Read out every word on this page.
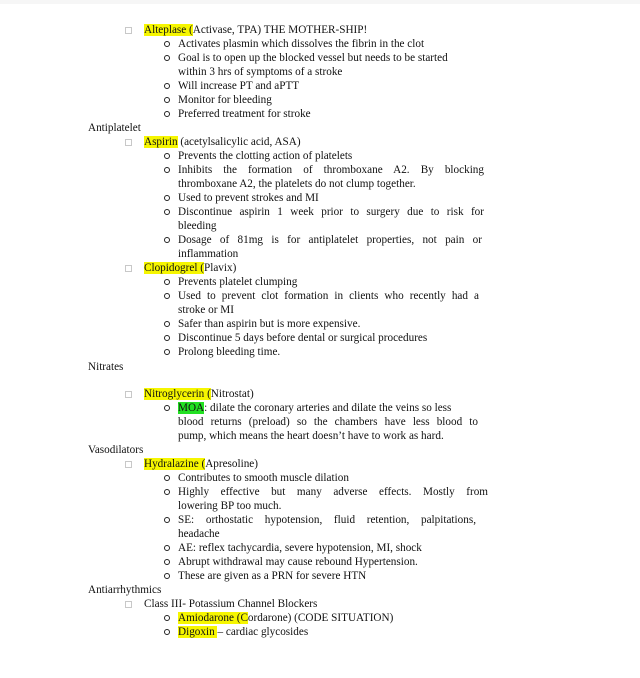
Alteplase (Activase, TPA) THE MOTHER-SHIP!
Activates plasmin which dissolves the fibrin in the clot
Goal is to open up the blocked vessel but needs to be started
within 3 hrs of symptoms of a stroke
Will increase PT and aPTT
Monitor for bleeding
Preferred treatment for stroke
Antiplatelet
Aspirin (acetylsalicylic acid, ASA)
Prevents the clotting action of platelets
Inhibits the formation of thromboxane A2. By blocking
thromboxane A2, the platelets do not clump together.
Used to prevent strokes and MI
Discontinue aspirin 1 week prior to surgery due to risk for
bleeding
Dosage of 81mg is for antiplatelet properties, not pain or
inflammation
Clopidogrel (Plavix)
Prevents platelet clumping
Used to prevent clot formation in clients who recently had a
stroke or MI
Safer than aspirin but is more expensive.
Discontinue 5 days before dental or surgical procedures
Prolong bleeding time.
Nitrates
Nitroglycerin (Nitrostat)
MOA: dilate the coronary arteries and dilate the veins so less
blood returns (preload) so the chambers have less blood to
pump, which means the heart doesn’t have to work as hard.
Vasodilators
Hydralazine (Apresoline)
Contributes to smooth muscle dilation
Highly effective but many adverse effects. Mostly from
lowering BP too much.
SE: orthostatic hypotension, fluid retention, palpitations,
headache
AE: reflex tachycardia, severe hypotension, MI, shock
Abrupt withdrawal may cause rebound Hypertension.
These are given as a PRN for severe HTN
Antiarrhythmics
Class III- Potassium Channel Blockers
Amiodarone (Cordarone) (CODE SITUATION)
Digoxin – cardiac glycosides
